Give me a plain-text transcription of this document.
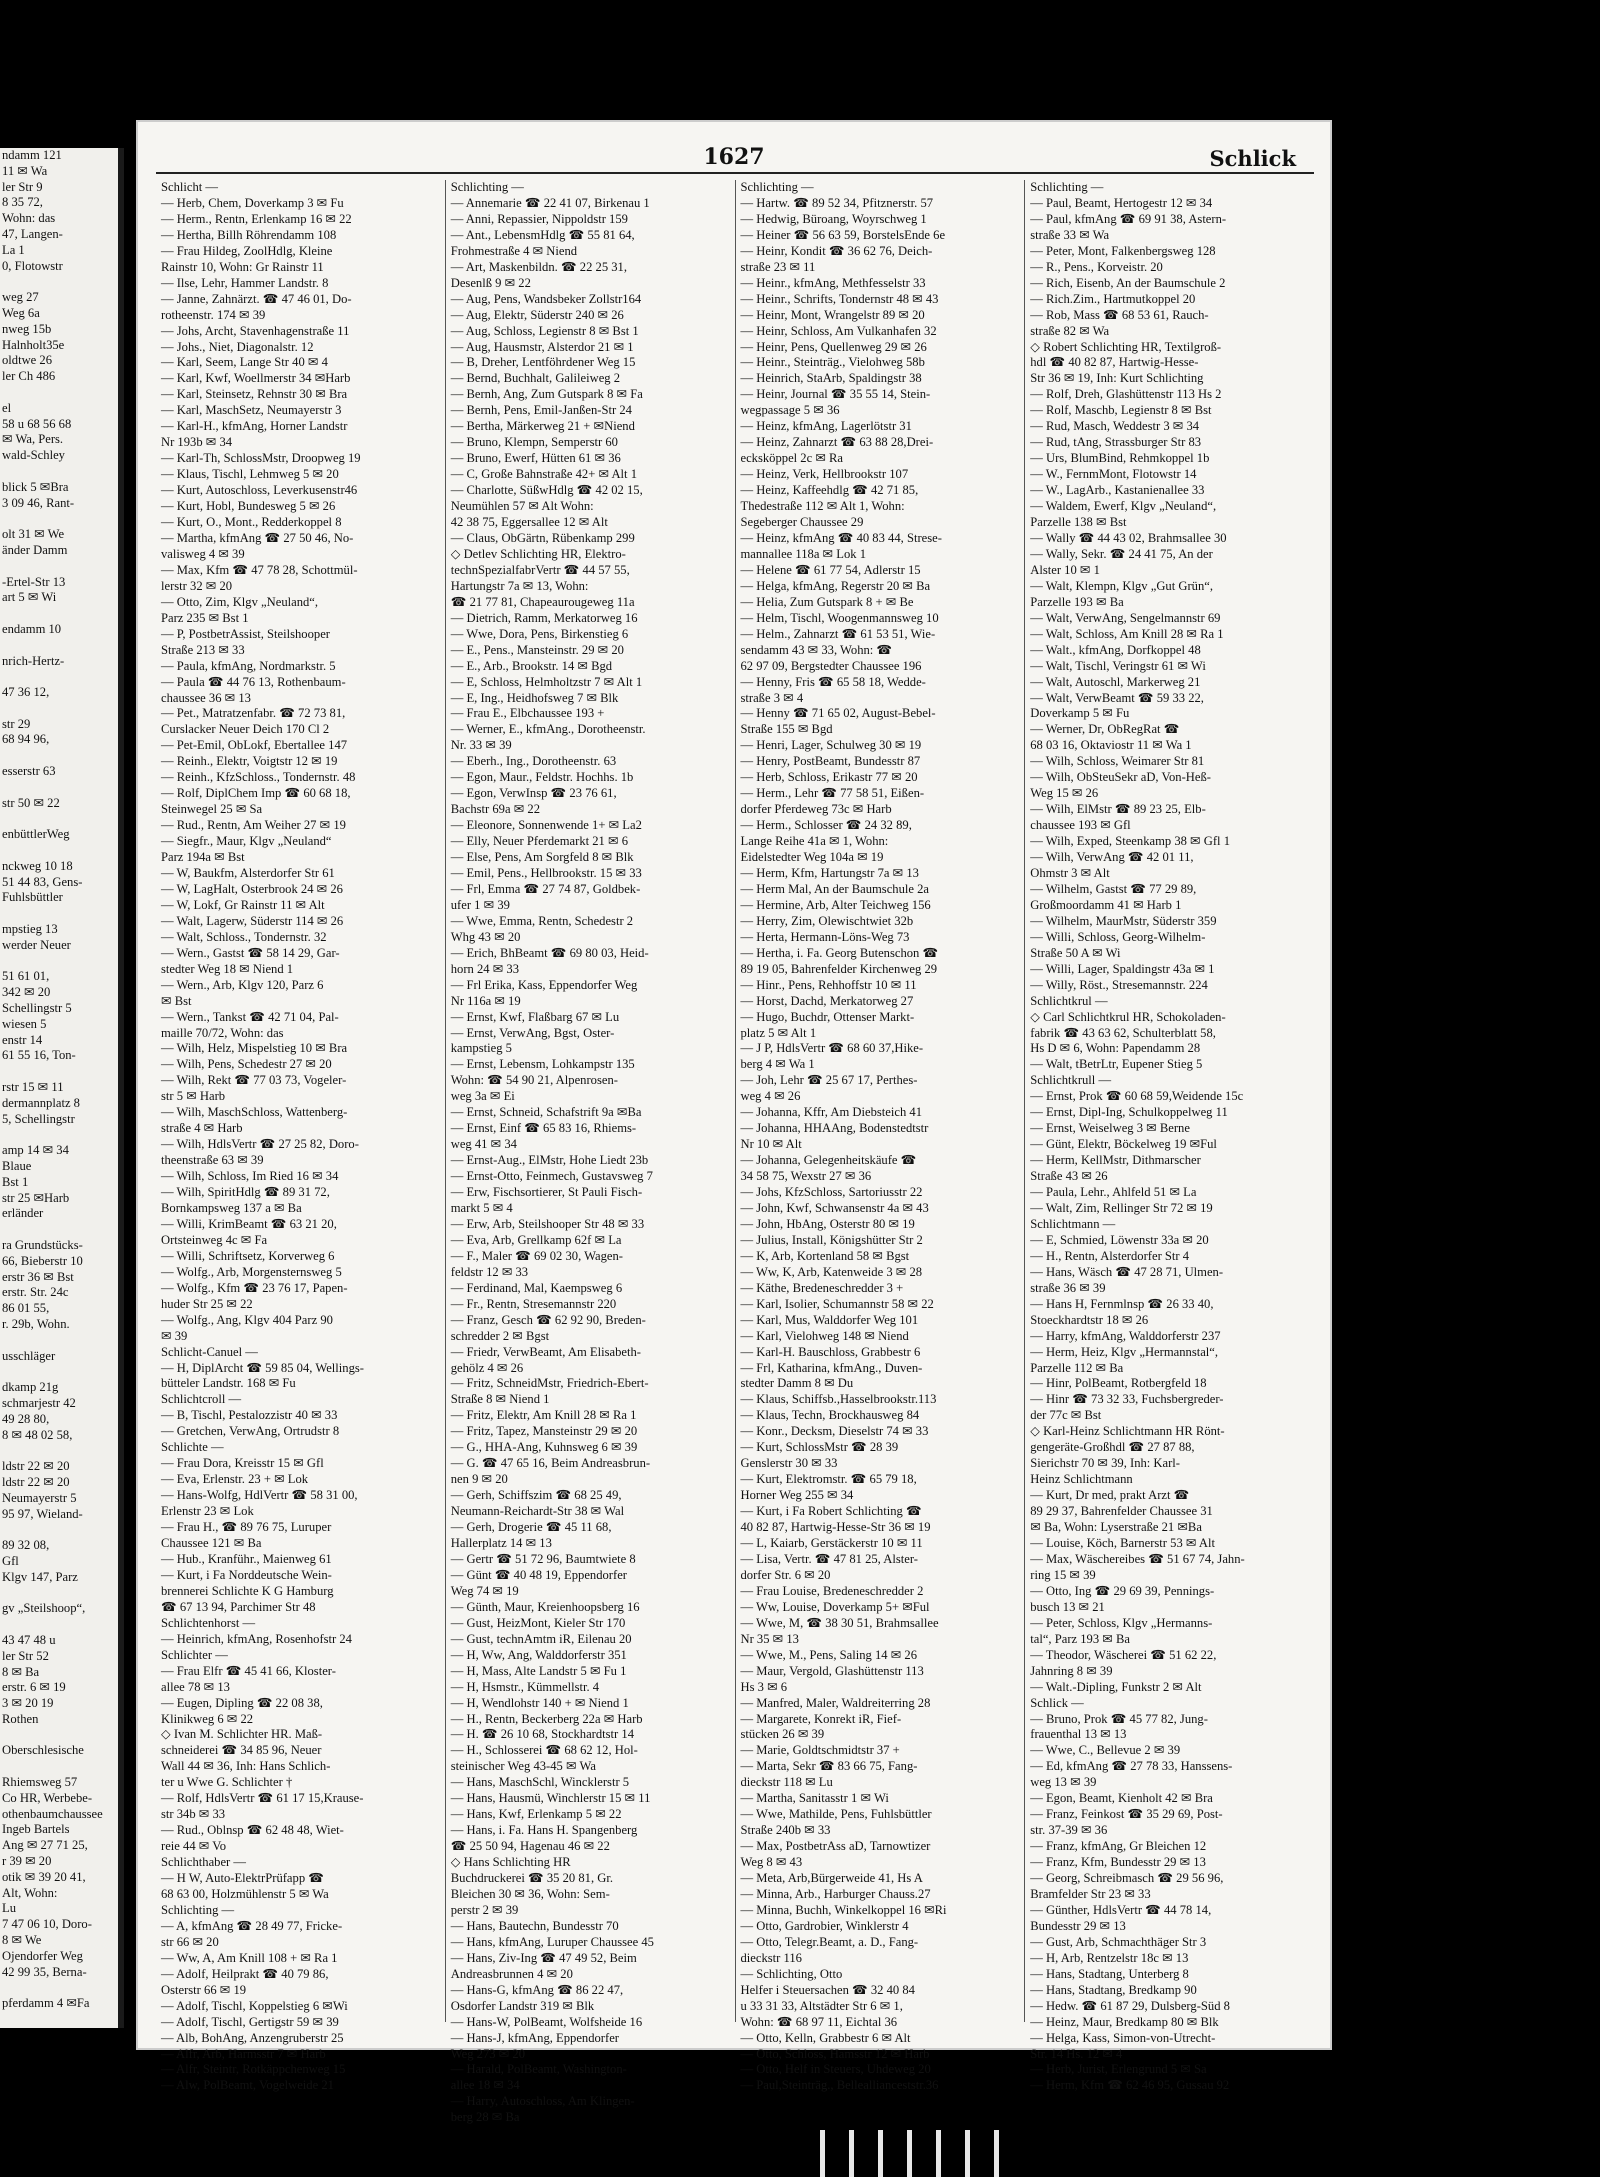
ndamm 121
11 ✉ Wa
ler Str 9
8 35 72,
Wohn: das
47, Langen-
La 1
0, Flotowstr

weg 27
Weg 6a
nweg 15b
Halnholt35e
oldtwe 26
ler Ch 486

el
58 u 68 56 68
✉ Wa, Pers.
wald-Schley

blick 5 ✉Bra
3 09 46, Rant-

olt 31 ✉ We
änder Damm

-Ertel-Str 13
art 5 ✉ Wi

endamm 10

nrich-Hertz-

47 36 12,

str 29
68 94 96,

esserstr 63

str 50 ✉ 22

enbüttlerWeg

nckweg 10 18
51 44 83, Gens-
Fuhlsbüttler

mpstieg 13
werder Neuer

51 61 01,
342 ✉ 20
Schellingstr 5
wiesen 5
enstr 14
61 55 16, Ton-

rstr 15 ✉ 11
dermannplatz 8
5, Schellingstr

amp 14 ✉ 34
Blaue
Bst 1
str 25 ✉Harb
erländer

ra Grundstücks-
66, Bieberstr 10
erstr 36 ✉ Bst
erstr. Str. 24c
86 01 55,
r. 29b, Wohn.

usschläger

dkamp 21g
schmarjestr 42
49 28 80,
8 ✉ 48 02 58,

ldstr 22 ✉ 20
ldstr 22 ✉ 20
Neumayerstr 5
95 97, Wieland-

89 32 08,
Gfl
Klgv 147, Parz

gv „Steilshoop“,

43 47 48 u
ler Str 52
8 ✉ Ba
erstr. 6 ✉ 19
3 ✉ 20 19
Rothen

Oberschlesische

Rhiemsweg 57
Co HR, Werbebe-
othenbaumchaussee
Ingeb Bartels
Ang ✉ 27 71 25,
r 39 ✉ 20
otik ✉ 39 20 41,
Alt, Wohn:
Lu
7 47 06 10, Doro-
8 ✉ We
Ojendorfer Weg
42 99 35, Berna-

pferdamm 4 ✉Fa
1627	Schlick
Schlicht —
— Herb, Chem, Doverkamp 3 ✉ Fu
— Herm., Rentn, Erlenkamp 16 ✉ 22
— Hertha, Billh Röhrendamm 108
— Frau Hildeg, ZoolHdlg, Kleine
Rainstr 10, Wohn: Gr Rainstr 11
— Ilse, Lehr, Hammer Landstr. 8
— Janne, Zahnärzt. ☎ 47 46 01, Do-
rotheenstr. 174 ✉ 39
— Johs, Archt, Stavenhagenstraße 11
— Johs., Niet, Diagonalstr. 12
— Karl, Seem, Lange Str 40 ✉ 4
— Karl, Kwf, Woellmerstr 34 ✉Harb
— Karl, Steinsetz, Rehnstr 30 ✉ Bra
— Karl, MaschSetz, Neumayerstr 3
— Karl-H., kfmAng, Horner Landstr
Nr 193b ✉ 34
— Karl-Th, SchlossMstr, Droopweg 19
— Klaus, Tischl, Lehmweg 5 ✉ 20
— Kurt, Autoschloss, Leverkusenstr46
— Kurt, Hobl, Bundesweg 5 ✉ 26
— Kurt, O., Mont., Redderkoppel 8
— Martha, kfmAng ☎ 27 50 46, No-
valisweg 4 ✉ 39
— Max, Kfm ☎ 47 78 28, Schottmül-
lerstr 32 ✉ 20
— Otto, Zim, Klgv „Neuland“,
Parz 235 ✉ Bst 1
— P, PostbetrAssist, Steilshooper
Straße 213 ✉ 33
— Paula, kfmAng, Nordmarkstr. 5
— Paula ☎ 44 76 13, Rothenbaum-
chaussee 36 ✉ 13
— Pet., Matratzenfabr. ☎ 72 73 81,
Curslacker Neuer Deich 170 Cl 2
— Pet-Emil, ObLokf, Ebertallee 147
— Reinh., Elektr, Voigtstr 12 ✉ 19
— Reinh., KfzSchloss., Tondernstr. 48
— Rolf, DiplChem Imp ☎ 60 68 18,
Steinwegel 25 ✉ Sa
— Rud., Rentn, Am Weiher 27 ✉ 19
— Siegfr., Maur, Klgv „Neuland“
Parz 194a ✉ Bst
— W, Baukfm, Alsterdorfer Str 61
— W, LagHalt, Osterbrook 24 ✉ 26
— W, Lokf, Gr Rainstr 11 ✉ Alt
— Walt, Lagerw, Süderstr 114 ✉ 26
— Walt, Schloss., Tondernstr. 32
— Wern., Gastst ☎ 58 14 29, Gar-
stedter Weg 18 ✉ Niend 1
— Wern., Arb, Klgv 120, Parz 6
✉ Bst
— Wern., Tankst ☎ 42 71 04, Pal-
maille 70/72, Wohn: das
— Wilh, Helz, Mispelstieg 10 ✉ Bra
— Wilh, Pens, Schedestr 27 ✉ 20
— Wilh, Rekt ☎ 77 03 73, Vogeler-
str 5 ✉ Harb
— Wilh, MaschSchloss, Wattenberg-
straße 4 ✉ Harb
— Wilh, HdlsVertr ☎ 27 25 82, Doro-
theenstraße 63 ✉ 39
— Wilh, Schloss, Im Ried 16 ✉ 34
— Wilh, SpiritHdlg ☎ 89 31 72,
Bornkampsweg 137 a ✉ Ba
— Willi, KrimBeamt ☎ 63 21 20,
Ortsteinweg 4c ✉ Fa
— Willi, Schriftsetz, Korverweg 6
— Wolfg., Arb, Morgensternsweg 5
— Wolfg., Kfm ☎ 23 76 17, Papen-
huder Str 25 ✉ 22
— Wolfg., Ang, Klgv 404 Parz 90
✉ 39
Schlicht-Canuel —
— H, DiplArcht ☎ 59 85 04, Wellings-
bütteler Landstr. 168 ✉ Fu
Schlichtcroll —
— B, Tischl, Pestalozzistr 40 ✉ 33
— Gretchen, VerwAng, Ortrudstr 8
Schlichte —
— Frau Dora, Kreisstr 15 ✉ Gfl
— Eva, Erlenstr. 23 + ✉ Lok
— Hans-Wolfg, HdlVertr ☎ 58 31 00,
Erlenstr 23 ✉ Lok
— Frau H., ☎ 89 76 75, Luruper
Chaussee 121 ✉ Ba
— Hub., Kranführ., Maienweg 61
— Kurt, i Fa Norddeutsche Wein-
brennerei Schlichte K G Hamburg
☎ 67 13 94, Parchimer Str 48
Schlichtenhorst —
— Heinrich, kfmAng, Rosenhofstr 24
Schlichter —
— Frau Elfr ☎ 45 41 66, Kloster-
allee 78 ✉ 13
— Eugen, Dipling ☎ 22 08 38,
Klinikweg 6 ✉ 22
◇ Ivan M. Schlichter HR. Maß-
schneiderei ☎ 34 85 96, Neuer
Wall 44 ✉ 36, Inh: Hans Schlich-
ter u Wwe G. Schlichter †
— Rolf, HdlsVertr ☎ 61 17 15,Krause-
str 34b ✉ 33
— Rud., Oblnsp ☎ 62 48 48, Wiet-
reie 44 ✉ Vo
Schlichthaber —
— H W, Auto-ElektrPrüfapp ☎
68 63 00, Holzmühlenstr 5 ✉ Wa
Schlichting —
— A, kfmAng ☎ 28 49 77, Fricke-
str 66 ✉ 20
— Ww, A, Am Knill 108 + ✉ Ra 1
— Adolf, Heilprakt ☎ 40 79 86,
Osterstr 66 ✉ 19
— Adolf, Tischl, Koppelstieg 6 ✉Wi
— Adolf, Tischl, Gertigstr 59 ✉ 39
— Alb, BohAng, Anzengruberstr 25
— Alfr, Arb, Harmsstr 7 ✉ Harb
— Alfr, Steintr, Rotkäppchenweg 15
— Alw, PolBeamt, Vogelweide 21
Schlichting —
— Annemarie ☎ 22 41 07, Birkenau 1
— Anni, Repassier, Nippoldstr 159
— Ant., LebensmHdlg ☎ 55 81 64,
Frohmestraße 4 ✉ Niend
— Art, Maskenbildn. ☎ 22 25 31,
Desenlß 9 ✉ 22
— Aug, Pens, Wandsbeker Zollstr164
— Aug, Elektr, Süderstr 240 ✉ 26
— Aug, Schloss, Legienstr 8 ✉ Bst 1
— Aug, Hausmstr, Alsterdor 21 ✉ 1
— B, Dreher, Lentföhrdener Weg 15
— Bernd, Buchhalt, Galileiweg 2
— Bernh, Ang, Zum Gutspark 8 ✉ Fa
— Bernh, Pens, Emil-Janßen-Str 24
— Bertha, Märkerweg 21 + ✉Niend
— Bruno, Klempn, Semperstr 60
— Bruno, Ewerf, Hütten 61 ✉ 36
— C, Große Bahnstraße 42+ ✉ Alt 1
— Charlotte, SüßwHdlg ☎ 42 02 15,
Neumühlen 57 ✉ Alt Wohn:
42 38 75, Eggersallee 12 ✉ Alt
— Claus, ObGärtn, Rübenkamp 299
◇ Detlev Schlichting HR, Elektro-
technSpezialfabrVertr ☎ 44 57 55,
Hartungstr 7a ✉ 13, Wohn:
☎ 21 77 81, Chapeaurougeweg 11a
— Dietrich, Ramm, Merkatorweg 16
— Wwe, Dora, Pens, Birkenstieg 6
— E., Pens., Mansteinstr. 29 ✉ 20
— E., Arb., Brookstr. 14 ✉ Bgd
— E, Schloss, Helmholtzstr 7 ✉ Alt 1
— E, Ing., Heidhofsweg 7 ✉ Blk
— Frau E., Elbchaussee 193 +
— Werner, E., kfmAng., Dorotheenstr.
Nr. 33 ✉ 39
— Eberh., Ing., Dorotheenstr. 63
— Egon, Maur., Feldstr. Hochhs. 1b
— Egon, VerwInsp ☎ 23 76 61,
Bachstr 69a ✉ 22
— Eleonore, Sonnenwende 1+ ✉ La2
— Elly, Neuer Pferdemarkt 21 ✉ 6
— Else, Pens, Am Sorgfeld 8 ✉ Blk
— Emil, Pens., Hellbrookstr. 15 ✉ 33
— Frl, Emma ☎ 27 74 87, Goldbek-
ufer 1 ✉ 39
— Wwe, Emma, Rentn, Schedestr 2
Whg 43 ✉ 20
— Erich, BhBeamt ☎ 69 80 03, Heid-
horn 24 ✉ 33
— Frl Erika, Kass, Eppendorfer Weg
Nr 116a ✉ 19
— Ernst, Kwf, Flaßbarg 67 ✉ Lu
— Ernst, VerwAng, Bgst, Oster-
kampstieg 5
— Ernst, Lebensm, Lohkampstr 135
Wohn: ☎ 54 90 21, Alpenrosen-
weg 3a ✉ Ei
— Ernst, Schneid, Schafstrift 9a ✉Ba
— Ernst, Einf ☎ 65 83 16, Rhiems-
weg 41 ✉ 34
— Ernst-Aug., ElMstr, Hohe Liedt 23b
— Ernst-Otto, Feinmech, Gustavsweg 7
— Erw, Fischsortierer, St Pauli Fisch-
markt 5 ✉ 4
— Erw, Arb, Steilshooper Str 48 ✉ 33
— Eva, Arb, Grellkamp 62f ✉ La
— F., Maler ☎ 69 02 30, Wagen-
feldstr 12 ✉ 33
— Ferdinand, Mal, Kaempsweg 6
— Fr., Rentn, Stresemannstr 220
— Franz, Gesch ☎ 62 92 90, Breden-
schredder 2 ✉ Bgst
— Friedr, VerwBeamt, Am Elisabeth-
gehölz 4 ✉ 26
— Fritz, SchneidMstr, Friedrich-Ebert-
Straße 8 ✉ Niend 1
— Fritz, Elektr, Am Knill 28 ✉ Ra 1
— Fritz, Tapez, Mansteinstr 29 ✉ 20
— G., HHA-Ang, Kuhnsweg 6 ✉ 39
— G. ☎ 47 65 16, Beim Andreasbrun-
nen 9 ✉ 20
— Gerh, Schiffszim ☎ 68 25 49,
Neumann-Reichardt-Str 38 ✉ Wal
— Gerh, Drogerie ☎ 45 11 68,
Hallerplatz 14 ✉ 13
— Gertr ☎ 51 72 96, Baumtwiete 8
— Günt ☎ 40 48 19, Eppendorfer
Weg 74 ✉ 19
— Günth, Maur, Kreienhoopsberg 16
— Gust, HeizMont, Kieler Str 170
— Gust, technAmtm iR, Eilenau 20
— H, Ww, Ang, Walddorferstr 351
— H, Mass, Alte Landstr 5 ✉ Fu 1
— H, Hsmstr., Kümmellstr. 4
— H, Wendlohstr 140 + ✉ Niend 1
— H., Rentn, Beckerberg 22a ✉ Harb
— H. ☎ 26 10 68, Stockhardtstr 14
— H., Schlosserei ☎ 68 62 12, Hol-
steinischer Weg 43-45 ✉ Wa
— Hans, MaschSchl, Wincklerstr 5
— Hans, Hausmü, Winchlerstr 15 ✉ 11
— Hans, Kwf, Erlenkamp 5 ✉ 22
— Hans, i. Fa. Hans H. Spangenberg
☎ 25 50 94, Hagenau 46 ✉ 22
◇ Hans Schlichting HR
Buchdruckerei ☎ 35 20 81, Gr.
Bleichen 30 ✉ 36, Wohn: Sem-
perstr 2 ✉ 39
— Hans, Bautechn, Bundesstr 70
— Hans, kfmAng, Luruper Chaussee 45
— Hans, Ziv-Ing ☎ 47 49 52, Beim
Andreasbrunnen 4 ✉ 20
— Hans-G, kfmAng ☎ 86 22 47,
Osdorfer Landstr 319 ✉ Blk
— Hans-W, PolBeamt, Wolfsheide 16
— Hans-J, kfmAng, Eppendorfer
Weg 273 ✉ 20
— Harald, PolBeamt, Washington-
allee 18 ✉ 34
— Harry, Autoschloss, Am Klingen-
berg 28 ✉ Ba
Schlichting —
— Hartw. ☎ 89 52 34, Pfitznerstr. 57
— Hedwig, Büroang, Woyrschweg 1
— Heiner ☎ 56 63 59, BorstelsEnde 6e
— Heinr, Kondit ☎ 36 62 76, Deich-
straße 23 ✉ 11
— Heinr., kfmAng, Methfesselstr 33
— Heinr., Schrifts, Tondernstr 48 ✉ 43
— Heinr, Mont, Wrangelstr 89 ✉ 20
— Heinr, Schloss, Am Vulkanhafen 32
— Heinr, Pens, Quellenweg 29 ✉ 26
— Heinr., Steinträg., Vielohweg 58b
— Heinrich, StaArb, Spaldingstr 38
— Heinr, Journal ☎ 35 55 14, Stein-
wegpassage 5 ✉ 36
— Heinz, kfmAng, Lagerlötstr 31
— Heinz, Zahnarzt ☎ 63 88 28,Drei-
ecksköppel 2c ✉ Ra
— Heinz, Verk, Hellbrookstr 107
— Heinz, Kaffeehdlg ☎ 42 71 85,
Thedestraße 112 ✉ Alt 1, Wohn:
Segeberger Chaussee 29
— Heinz, kfmAng ☎ 40 83 44, Strese-
mannallee 118a ✉ Lok 1
— Helene ☎ 61 77 54, Adlerstr 15
— Helga, kfmAng, Regerstr 20 ✉ Ba
— Helia, Zum Gutspark 8 + ✉ Be
— Helm, Tischl, Woogenmannsweg 10
— Helm., Zahnarzt ☎ 61 53 51, Wie-
sendamm 43 ✉ 33, Wohn: ☎
62 97 09, Bergstedter Chaussee 196
— Henny, Fris ☎ 65 58 18, Wedde-
straße 3 ✉ 4
— Henny ☎ 71 65 02, August-Bebel-
Straße 155 ✉ Bgd
— Henri, Lager, Schulweg 30 ✉ 19
— Henry, PostBeamt, Bundesstr 87
— Herb, Schloss, Erikastr 77 ✉ 20
— Herm., Lehr ☎ 77 58 51, Eißen-
dorfer Pferdeweg 73c ✉ Harb
— Herm., Schlosser ☎ 24 32 89,
Lange Reihe 41a ✉ 1, Wohn:
Eidelstedter Weg 104a ✉ 19
— Herm, Kfm, Hartungstr 7a ✉ 13
— Herm Mal, An der Baumschule 2a
— Hermine, Arb, Alter Teichweg 156
— Herry, Zim, Olewischtwiet 32b
— Herta, Hermann-Löns-Weg 73
— Hertha, i. Fa. Georg Butenschon ☎
89 19 05, Bahrenfelder Kirchenweg 29
— Hinr., Pens, Rehhoffstr 10 ✉ 11
— Horst, Dachd, Merkatorweg 27
— Hugo, Buchdr, Ottenser Markt-
platz 5 ✉ Alt 1
— J P, HdlsVertr ☎ 68 60 37,Hike-
berg 4 ✉ Wa 1
— Joh, Lehr ☎ 25 67 17, Perthes-
weg 4 ✉ 26
— Johanna, Kffr, Am Diebsteich 41
— Johanna, HHAAng, Bodenstedtstr
Nr 10 ✉ Alt
— Johanna, Gelegenheitskäufe ☎
34 58 75, Wexstr 27 ✉ 36
— Johs, KfzSchloss, Sartoriusstr 22
— John, Kwf, Schwansenstr 4a ✉ 43
— John, HbAng, Osterstr 80 ✉ 19
— Julius, Install, Königshütter Str 2
— K, Arb, Kortenland 58 ✉ Bgst
— Ww, K, Arb, Katenweide 3 ✉ 28
— Käthe, Bredeneschredder 3 +
— Karl, Isolier, Schumannstr 58 ✉ 22
— Karl, Mus, Walddorfer Weg 101
— Karl, Vielohweg 148 ✉ Niend
— Karl-H. Bauschloss, Grabbestr 6
— Frl, Katharina, kfmAng., Duven-
stedter Damm 8 ✉ Du
— Klaus, Schiffsb.,Hasselbrookstr.113
— Klaus, Techn, Brockhausweg 84
— Konr., Decksm, Dieselstr 74 ✉ 33
— Kurt, SchlossMstr ☎ 28 39
Genslerstr 30 ✉ 33
— Kurt, Elektromstr. ☎ 65 79 18,
Horner Weg 255 ✉ 34
— Kurt, i Fa Robert Schlichting ☎
40 82 87, Hartwig-Hesse-Str 36 ✉ 19
— L, Kaiarb, Gerstäckerstr 10 ✉ 11
— Lisa, Vertr. ☎ 47 81 25, Alster-
dorfer Str. 6 ✉ 20
— Frau Louise, Bredeneschredder 2
— Ww, Louise, Doverkamp 5+ ✉Ful
— Wwe, M, ☎ 38 30 51, Brahmsallee
Nr 35 ✉ 13
— Wwe, M., Pens, Saling 14 ✉ 26
— Maur, Vergold, Glashüttenstr 113
Hs 3 ✉ 6
— Manfred, Maler, Waldreiterring 28
— Margarete, Konrekt iR, Fief-
stücken 26 ✉ 39
— Marie, Goldtschmidtstr 37 +
— Marta, Sekr ☎ 83 66 75, Fang-
dieckstr 118 ✉ Lu
— Martha, Sanitasstr 1 ✉ Wi
— Wwe, Mathilde, Pens, Fuhlsbüttler
Straße 240b ✉ 33
— Max, PostbetrAss aD, Tarnowtizer
Weg 8 ✉ 43
— Meta, Arb,Bürgerweide 41, Hs A
— Minna, Arb., Harburger Chauss.27
— Minna, Buchh, Winkelkoppel 16 ✉Ri
— Otto, Gardrobier, Winklerstr 4
— Otto, Telegr.Beamt, a. D., Fang-
dieckstr 116
— Schlichting, Otto
Helfer i Steuersachen ☎ 32 40 84
u 33 31 33, Altstädter Str 6 ✉ 1,
Wohn: ☎ 68 97 11, Eichtal 36
— Otto, Kelln, Grabbestr 6 ✉ Alt
— Otto, Schloss, Hamsstr 12 ✉ Harb
— Otto, Helf in Steuers, Uhdeweg 20
— Paul,Steinträg., Belleallianceststr.36
Schlichting —
— Paul, Beamt, Hertogestr 12 ✉ 34
— Paul, kfmAng ☎ 69 91 38, Astern-
straße 33 ✉ Wa
— Peter, Mont, Falkenbergsweg 128
— R., Pens., Korveistr. 20
— Rich, Eisenb, An der Baumschule 2
— Rich.Zim., Hartmutkoppel 20
— Rob, Mass ☎ 68 53 61, Rauch-
straße 82 ✉ Wa
◇ Robert Schlichting HR, Textilgroß-
hdl ☎ 40 82 87, Hartwig-Hesse-
Str 36 ✉ 19, Inh: Kurt Schlichting
— Rolf, Dreh, Glashüttenstr 113 Hs 2
— Rolf, Maschb, Legienstr 8 ✉ Bst
— Rud, Masch, Weddestr 3 ✉ 34
— Rud, tAng, Strassburger Str 83
— Urs, BlumBind, Rehmkoppel 1b
— W., FernmMont, Flotowstr 14
— W., LagArb., Kastanienallee 33
— Waldem, Ewerf, Klgv „Neuland“,
Parzelle 138 ✉ Bst
— Wally ☎ 44 43 02, Brahmsallee 30
— Wally, Sekr. ☎ 24 41 75, An der
Alster 10 ✉ 1
— Walt, Klempn, Klgv „Gut Grün“,
Parzelle 193 ✉ Ba
— Walt, VerwAng, Sengelmannstr 69
— Walt, Schloss, Am Knill 28 ✉ Ra 1
— Walt., kfmAng, Dorfkoppel 48
— Walt, Tischl, Veringstr 61 ✉ Wi
— Walt, Autoschl, Markerweg 21
— Walt, VerwBeamt ☎ 59 33 22,
Doverkamp 5 ✉ Fu
— Werner, Dr, ObRegRat ☎
68 03 16, Oktaviostr 11 ✉ Wa 1
— Wilh, Schloss, Weimarer Str 81
— Wilh, ObSteuSekr aD, Von-Heß-
Weg 15 ✉ 26
— Wilh, ElMstr ☎ 89 23 25, Elb-
chaussee 193 ✉ Gfl
— Wilh, Exped, Steenkamp 38 ✉ Gfl 1
— Wilh, VerwAng ☎ 42 01 11,
Ohmstr 3 ✉ Alt
— Wilhelm, Gastst ☎ 77 29 89,
Großmoordamm 41 ✉ Harb 1
— Wilhelm, MaurMstr, Süderstr 359
— Willi, Schloss, Georg-Wilhelm-
Straße 50 A ✉ Wi
— Willi, Lager, Spaldingstr 43a ✉ 1
— Willy, Röst., Stresemannstr. 224
Schlichtkrul —
◇ Carl Schlichtkrul HR, Schokoladen-
fabrik ☎ 43 63 62, Schulterblatt 58,
Hs D ✉ 6, Wohn: Papendamm 28
— Walt, tBetrLtr, Eupener Stieg 5
Schlichtkrull —
— Ernst, Prok ☎ 60 68 59,Weidende 15c
— Ernst, Dipl-Ing, Schulkoppelweg 11
— Ernst, Weiselweg 3 ✉ Berne
— Günt, Elektr, Böckelweg 19 ✉Ful
— Herm, KellMstr, Dithmarscher
Straße 43 ✉ 26
— Paula, Lehr., Ahlfeld 51 ✉ La
— Walt, Zim, Rellinger Str 72 ✉ 19
Schlichtmann —
— E, Schmied, Löwenstr 33a ✉ 20
— H., Rentn, Alsterdorfer Str 4
— Hans, Wäsch ☎ 47 28 71, Ulmen-
straße 36 ✉ 39
— Hans H, Fernmlnsp ☎ 26 33 40,
Stoeckhardtstr 18 ✉ 26
— Harry, kfmAng, Walddorferstr 237
— Herm, Heiz, Klgv „Hermannstal“,
Parzelle 112 ✉ Ba
— Hinr, PolBeamt, Rotbergfeld 18
— Hinr ☎ 73 32 33, Fuchsbergreder-
der 77c ✉ Bst
◇ Karl-Heinz Schlichtmann HR Rönt-
gengeräte-Großhdl ☎ 27 87 88,
Sierichstr 70 ✉ 39, Inh: Karl-
Heinz Schlichtmann
— Kurt, Dr med, prakt Arzt ☎
89 29 37, Bahrenfelder Chaussee 31
✉ Ba, Wohn: Lyserstraße 21 ✉Ba
— Louise, Köch, Barnerstr 53 ✉ Alt
— Max, Wäschereibes ☎ 51 67 74, Jahn-
ring 15 ✉ 39
— Otto, Ing ☎ 29 69 39, Pennings-
busch 13 ✉ 21
— Peter, Schloss, Klgv „Hermanns-
tal“, Parz 193 ✉ Ba
— Theodor, Wäscherei ☎ 51 62 22,
Jahnring 8 ✉ 39
— Walt.-Dipling, Funkstr 2 ✉ Alt
Schlick —
— Bruno, Prok ☎ 45 77 82, Jung-
frauenthal 13 ✉ 13
— Wwe, C., Bellevue 2 ✉ 39
— Ed, kfmAng ☎ 27 78 33, Hanssens-
weg 13 ✉ 39
— Egon, Beamt, Kienholt 42 ✉ Bra
— Franz, Feinkost ☎ 35 29 69, Post-
str. 37-39 ✉ 36
— Franz, kfmAng, Gr Bleichen 12
— Franz, Kfm, Bundesstr 29 ✉ 13
— Georg, Schreibmasch ☎ 29 56 96,
Bramfelder Str 23 ✉ 33
— Günther, HdlsVertr ☎ 44 78 14,
Bundesstr 29 ✉ 13
— Gust, Arb, Schmachthäger Str 3
— H, Arb, Rentzelstr 18c ✉ 13
— Hans, Stadtang, Unterberg 8
— Hans, Stadtang, Bredkamp 90
— Hedw. ☎ 61 87 29, Dulsberg-Süd 8
— Heinz, Maur, Bredkamp 80 ✉ Blk
— Helga, Kass, Simon-von-Utrecht-
Str. 14 Hs. 12 ✉ 4
— Herb, Jurist, Erlengrund 5 ✉ Sa
— Herm, Kfm ☎ 62 46 95, Gussau 92
